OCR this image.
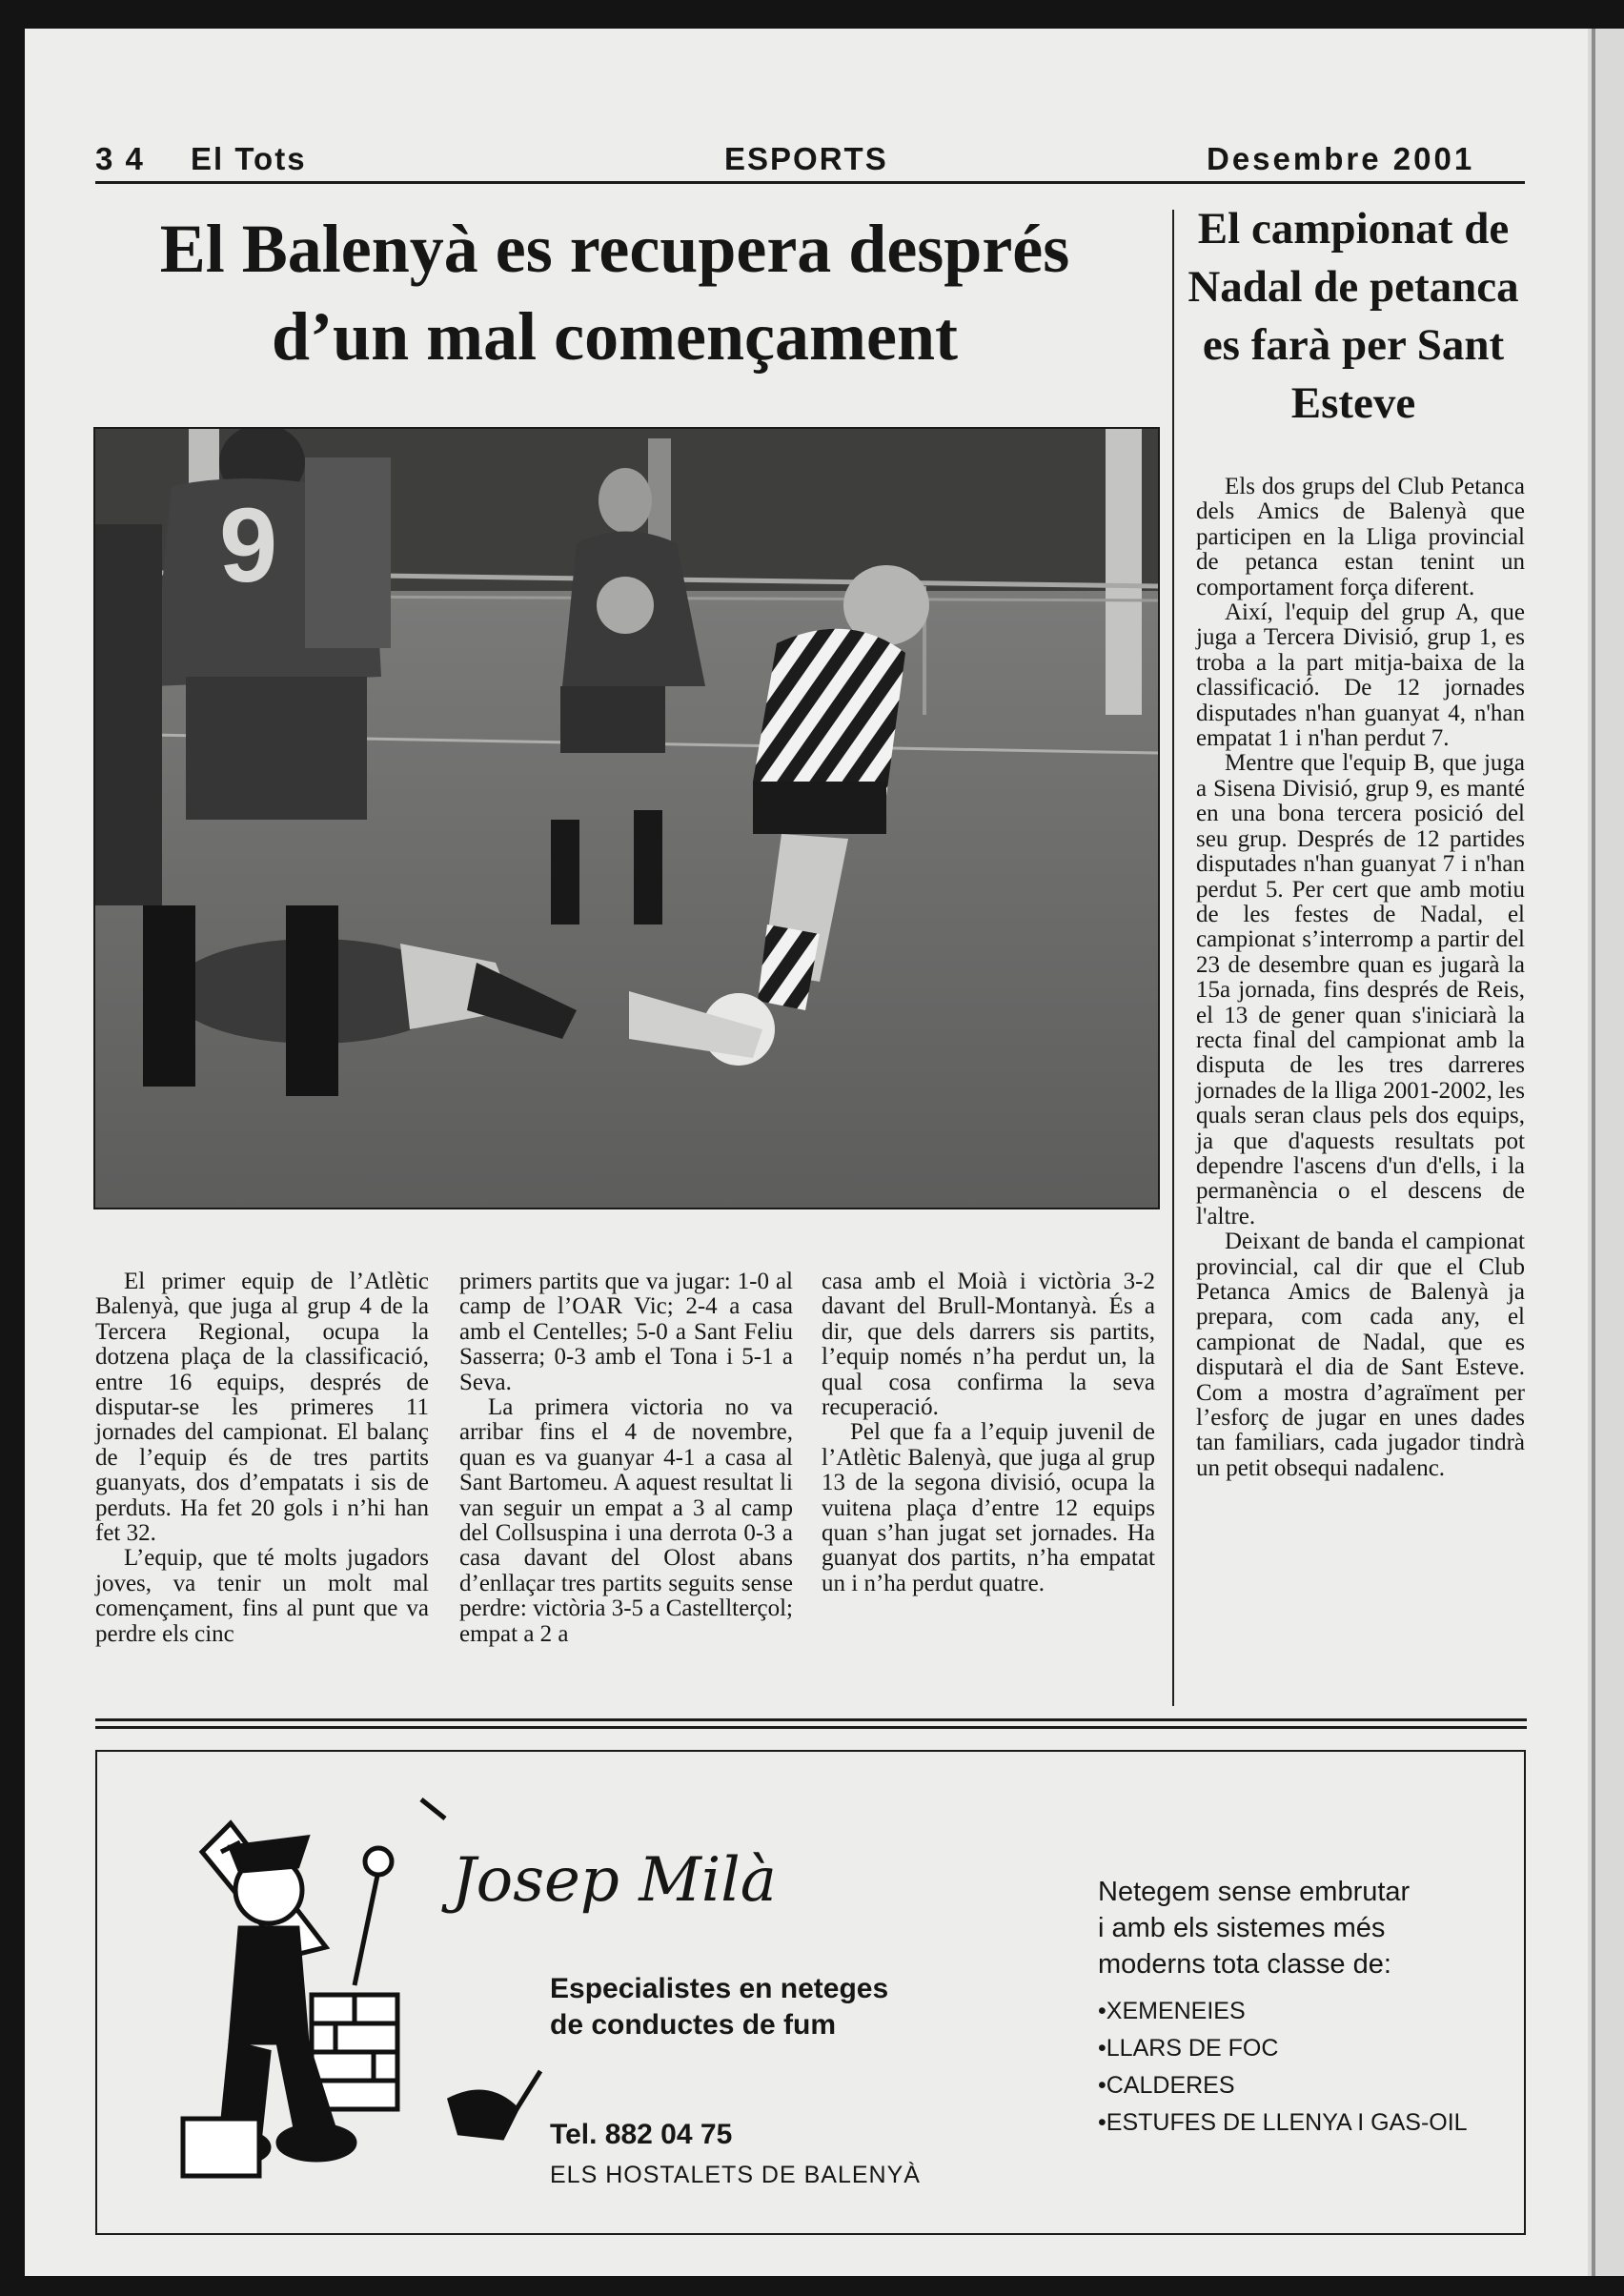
3 4 El Tots	ESPORTS	Desembre 2001
El Balenyà es recupera després
d’un mal començament
El campionat de Nadal de petanca es farà per Sant Esteve
9

El primer equip de l’Atlètic Balenyà, que juga al grup 4 de la Tercera Regional, ocupa la dotzena plaça de la classificació, entre 16 equips, després de disputar-se les primeres 11 jornades del campionat. El balanç de l’equip és de tres partits guanyats, dos d’empatats i sis de perduts. Ha fet 20 gols i n’hi han fet 32.

L’equip, que té molts jugadors joves, va tenir un molt mal començament, fins al punt que va perdre els cinc

primers partits que va jugar: 1-0 al camp de l’OAR Vic; 2-4 a casa amb el Centelles; 5-0 a Sant Feliu Sasserra; 0-3 amb el Tona i 5-1 a Seva.

La primera victoria no va arribar fins el 4 de novembre, quan es va guanyar 4-1 a casa al Sant Bartomeu. A aquest resultat li van seguir un empat a 3 al camp del Collsuspina i una derrota 0-3 a casa davant del Olost abans d’enllaçar tres partits seguits sense perdre: victòria 3-5 a Castellterçol; empat a 2 a

casa amb el Moià i victòria 3-2 davant del Brull-Montanyà. És a dir, que dels darrers sis partits, l’equip només n’ha perdut un, la qual cosa confirma la seva recuperació.

Pel que fa a l’equip juvenil de l’Atlètic Balenyà, que juga al grup 13 de la segona divisió, ocupa la vuitena plaça d’entre 12 equips quan s’han jugat set jornades. Ha guanyat dos partits, n’ha empatat un i n’ha perdut quatre.

Els dos grups del Club Petanca dels Amics de Balenyà que participen en la Lliga provincial de petanca estan tenint un comportament força diferent.

Així, l'equip del grup A, que juga a Tercera Divisió, grup 1, es troba a la part mitja-baixa de la classificació. De 12 jornades disputades n'han guanyat 4, n'han empatat 1 i n'han perdut 7.

Mentre que l'equip B, que juga a Sisena Divisió, grup 9, es manté en una bona tercera posició del seu grup. Després de 12 partides disputades n'han guanyat 7 i n'han perdut 5. Per cert que amb motiu de les festes de Nadal, el campionat s’interromp a partir del 23 de desembre quan es jugarà la 15a jornada, fins després de Reis, el 13 de gener quan s'iniciarà la recta final del campionat amb la disputa de les tres darreres jornades de la lliga 2001-2002, les quals seran claus pels dos equips, ja que d'aquests resultats pot dependre l'ascens d'un d'ells, i la permanència o el descens de l'altre.

Deixant de banda el campionat provincial, cal dir que el Club Petanca Amics de Balenyà ja prepara, com cada any, el campionat de Nadal, que es disputarà el dia de Sant Esteve. Com a mostra d’agraïment per l’esforç de jugar en unes dades tan familiars, cada jugador tindrà un petit obsequi nadalenc.

Josep Milà
Especialistes en neteges
de conductes de fum
Tel. 882 04 75
ELS HOSTALETS DE BALENYÀ
Netegem sense embrutar
i amb els sistemes més
moderns tota classe de:
• XEMENEIES
• LLARS DE FOC
• CALDERES
• ESTUFES DE LLENYA I GAS-OIL
